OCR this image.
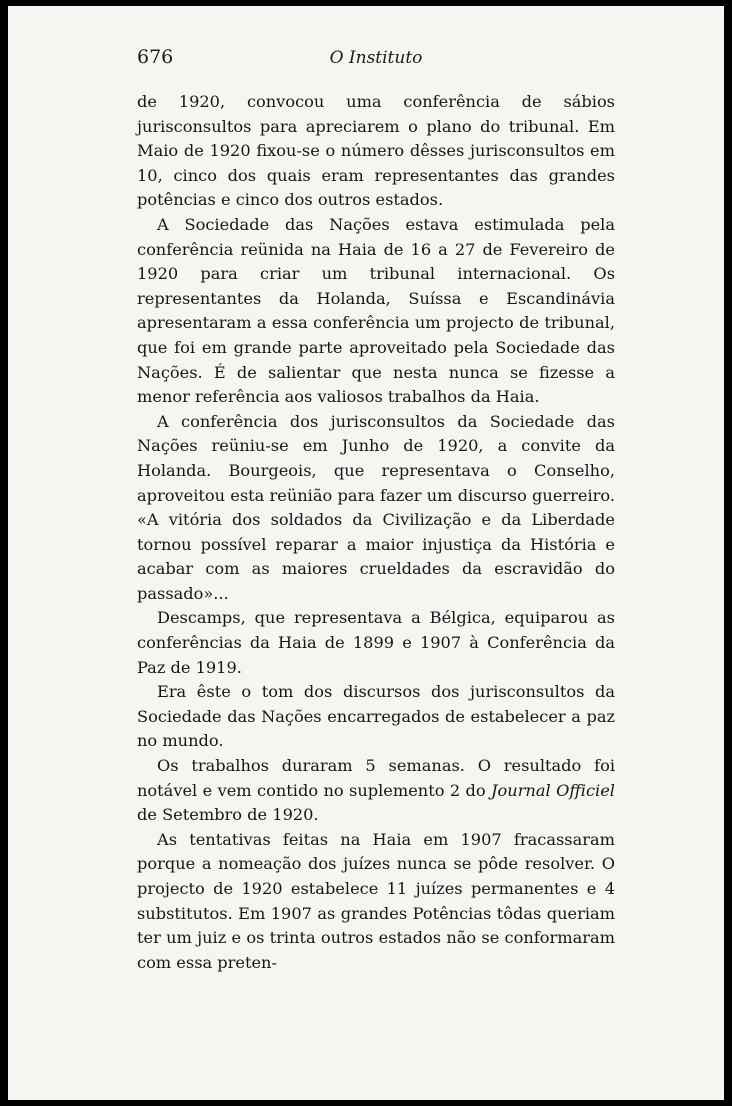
676	O Instituto

de 1920, convocou uma conferência de sábios jurisconsultos para apreciarem o plano do tribunal. Em Maio de 1920 fixou-se o número dêsses jurisconsultos em 10, cinco dos quais eram representantes das grandes potências e cinco dos outros estados.

A Sociedade das Nações estava estimulada pela conferência reünida na Haia de 16 a 27 de Fevereiro de 1920 para criar um tribunal internacional. Os representantes da Holanda, Suíssa e Escandinávia apresentaram a essa conferência um projecto de tribunal, que foi em grande parte aproveitado pela Sociedade das Nações. É de salientar que nesta nunca se fizesse a menor referência aos valiosos trabalhos da Haia.

A conferência dos jurisconsultos da Sociedade das Nações reüniu-se em Junho de 1920, a convite da Holanda. Bourgeois, que representava o Conselho, aproveitou esta reünião para fazer um discurso guerreiro. «A vitória dos soldados da Civilização e da Liberdade tornou possível reparar a maior injustiça da História e acabar com as maiores crueldades da escravidão do passado»...

Descamps, que representava a Bélgica, equiparou as conferências da Haia de 1899 e 1907 à Conferência da Paz de 1919.

Era êste o tom dos discursos dos jurisconsultos da Sociedade das Nações encarregados de estabelecer a paz no mundo.

Os trabalhos duraram 5 semanas. O resultado foi notável e vem contido no suplemento 2 do Journal Officiel de Setembro de 1920.

As tentativas feitas na Haia em 1907 fracassaram porque a nomeação dos juízes nunca se pôde resolver. O projecto de 1920 estabelece 11 juízes permanentes e 4 substitutos. Em 1907 as grandes Potências tôdas queriam ter um juiz e os trinta outros estados não se conformaram com essa preten-
